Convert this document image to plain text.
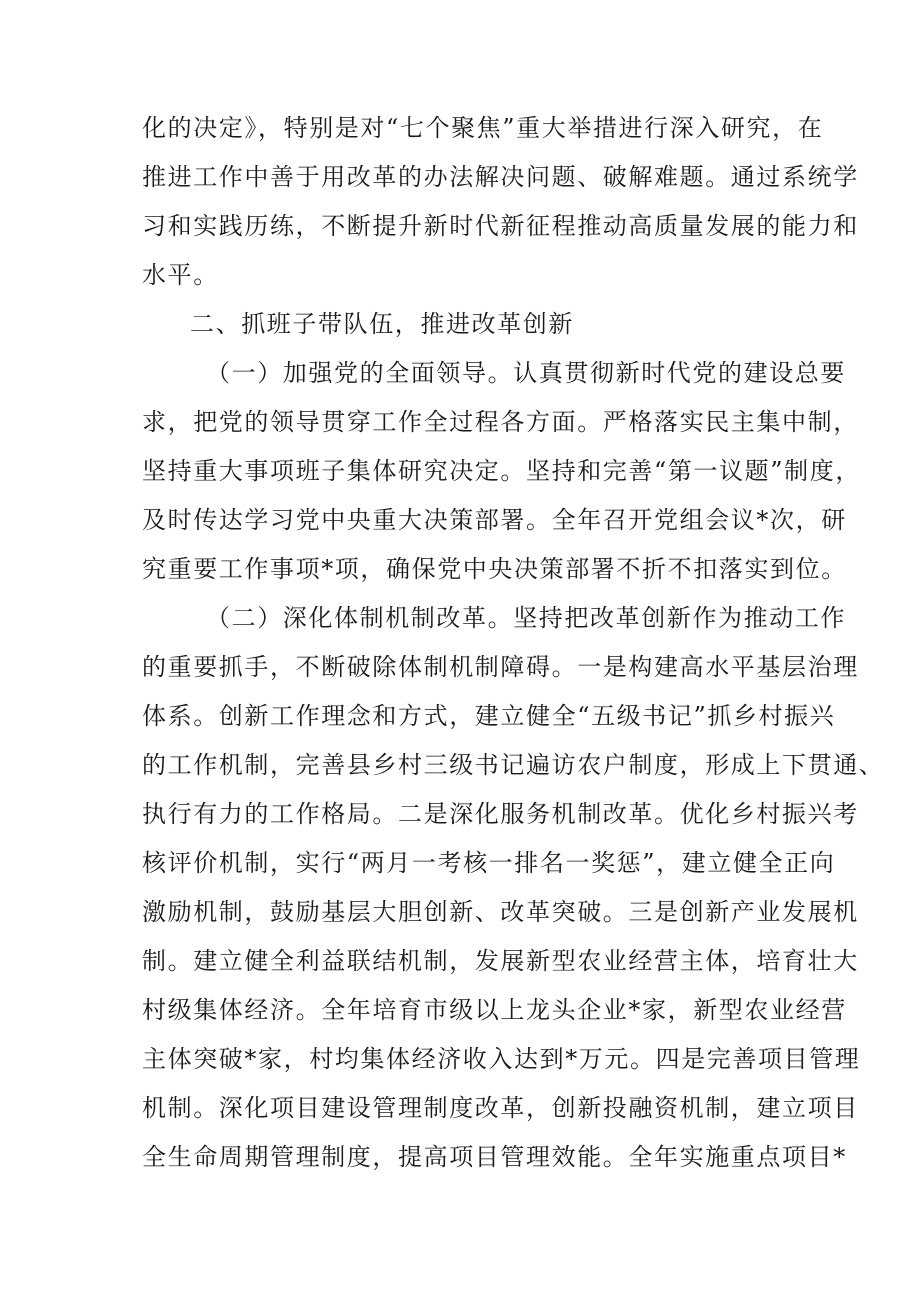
化的决定》，特别是对“七个聚焦”重大举措进行深入研究，在
推进工作中善于用改革的办法解决问题、破解难题。通过系统学
习和实践历练，不断提升新时代新征程推动高质量发展的能力和
水平。
二、抓班子带队伍，推进改革创新
（一）加强党的全面领导。认真贯彻新时代党的建设总要
求，把党的领导贯穿工作全过程各方面。严格落实民主集中制，
坚持重大事项班子集体研究决定。坚持和完善“第一议题”制度，
及时传达学习党中央重大决策部署。全年召开党组会议*次，研
究重要工作事项*项，确保党中央决策部署不折不扣落实到位。
（二）深化体制机制改革。坚持把改革创新作为推动工作
的重要抓手，不断破除体制机制障碍。一是构建高水平基层治理
体系。创新工作理念和方式，建立健全“五级书记”抓乡村振兴
的工作机制，完善县乡村三级书记遍访农户制度，形成上下贯通、
执行有力的工作格局。二是深化服务机制改革。优化乡村振兴考
核评价机制，实行“两月一考核一排名一奖惩”，建立健全正向
激励机制，鼓励基层大胆创新、改革突破。三是创新产业发展机
制。建立健全利益联结机制，发展新型农业经营主体，培育壮大
村级集体经济。全年培育市级以上龙头企业*家，新型农业经营
主体突破*家，村均集体经济收入达到*万元。四是完善项目管理
机制。深化项目建设管理制度改革，创新投融资机制，建立项目
全生命周期管理制度，提高项目管理效能。全年实施重点项目*
